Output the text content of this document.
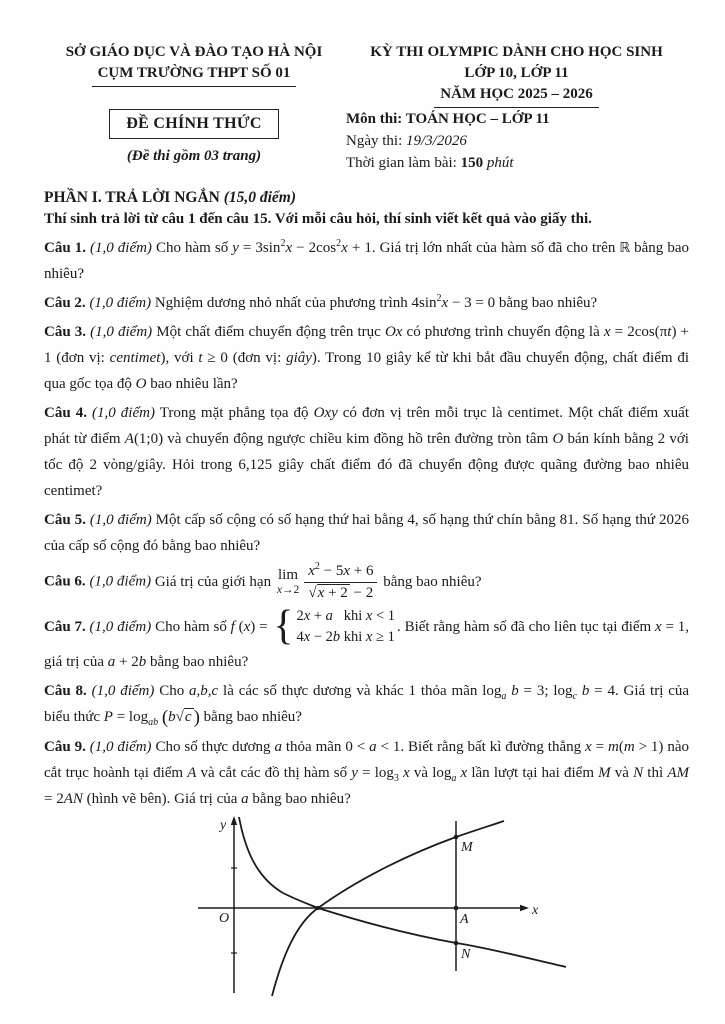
SỞ GIÁO DỤC VÀ ĐÀO TẠO HÀ NỘI
CỤM TRƯỜNG THPT SỐ 01
ĐỀ CHÍNH THỨC
(Đề thi gồm 03 trang)
KỲ THI OLYMPIC DÀNH CHO HỌC SINH
LỚP 10, LỚP 11
NĂM HỌC 2025 – 2026
Môn thi: TOÁN HỌC – LỚP 11
Ngày thi: 19/3/2026
Thời gian làm bài: 150 phút
PHẦN I. TRẢ LỜI NGẮN (15,0 điểm)
Thí sinh trả lời từ câu 1 đến câu 15. Với mỗi câu hỏi, thí sinh viết kết quả vào giấy thi.

Câu 1. (1,0 điểm) Cho hàm số $y = 3\sin^2x - 2\cos^2x + 1$. Giá trị lớn nhất của hàm số đã cho trên ℝ bằng bao nhiêu?

Câu 2. (1,0 điểm) Nghiệm dương nhỏ nhất của phương trình $4\sin^2x - 3 = 0$ bằng bao nhiêu?

Câu 3. (1,0 điểm) Một chất điểm chuyển động trên trục Ox có phương trình chuyển động là x = 2cos(πt) + 1 (đơn vị: centimet), với t ≥ 0 (đơn vị: giây). Trong 10 giây kể từ khi bắt đầu chuyển động, chất điểm đi qua gốc tọa độ O bao nhiêu lần?

Câu 4. (1,0 điểm) Trong mặt phẳng tọa độ Oxy có đơn vị trên mỗi trục là centimet. Một chất điểm xuất phát từ điểm A(1;0) và chuyển động ngược chiều kim đồng hồ trên đường tròn tâm O bán kính bằng 2 với tốc độ 2 vòng/giây. Hỏi trong 6,125 giây chất điểm đó đã chuyển động được quãng đường bao nhiêu centimet?

Câu 5. (1,0 điểm) Một cấp số cộng có số hạng thứ hai bằng 4, số hạng thứ chín bằng 81. Số hạng thứ 2026 của cấp số cộng đó bằng bao nhiêu?

Câu 6. (1,0 điểm) Giá trị của giới hạn lim
$x\to 2 \frac{x^2 - 5x + 6}{√x + 2 - 2}$ bằng bao nhiêu?

Câu 7. (1,0 điểm) Cho hàm số f (x) = { 2x + a   khi x < 1
4x − 2b khi x ≥ 1
. Biết rằng hàm số đã cho liên tục tại điểm x = 1, giá trị của a + 2b bằng bao nhiêu?

Câu 8. (1,0 điểm) Cho a,b,c là các số thực dương và khác 1 thỏa mãn $\log_a b = 3$; $\log_c b = 4$. Giá trị của biểu thức $P = \log_{ab} (b√c$ ) bằng bao nhiêu?

Câu 9. (1,0 điểm) Cho số thực dương a thỏa mãn 0 < a < 1. Biết rằng bất kì đường thẳng x = m(m > 1) nào cắt trục hoành tại điểm A và cắt các đồ thị hàm số $y = \log_3 x$ và $\log_a x$ lần lượt tại hai điểm M và N thì AM = 2AN (hình vẽ bên). Giá trị của a bằng bao nhiêu?

y
O
x
M
A
N
